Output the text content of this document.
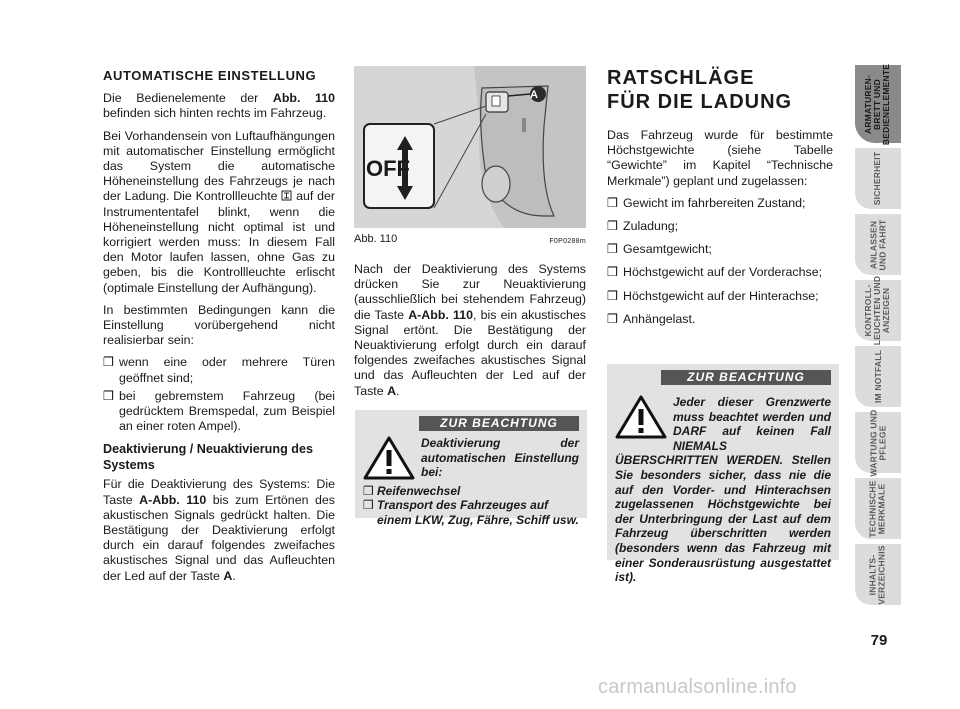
AUTOMATISCHE EINSTELLUNG

Die Bedienelemente der Abb. 110 befinden sich hinten rechts im Fahrzeug.

Bei Vorhandensein von Luftaufhängungen mit automatischer Einstellung ermöglicht das System die automatische Höheneinstellung des Fahrzeugs je nach der Ladung. Die Kontrollleuchte  auf der Instrumententafel blinkt, wenn die Höheneinstellung nicht optimal ist und korrigiert werden muss: In diesem Fall den Motor laufen lassen, ohne Gas zu geben, bis die Kontrollleuchte erlischt (optimale Einstellung der Aufhängung).

In bestimmten Bedingungen kann die Einstellung vorübergehend nicht realisierbar sein:

❒ wenn eine oder mehrere Türen geöffnet sind;
❒ bei gebremstem Fahrzeug (bei gedrücktem Bremspedal, zum Beispiel an einer roten Ampel).
Deaktivierung / Neuaktivierung des Systems

Für die Deaktivierung des Systems: Die Taste A-Abb. 110 bis zum Ertönen des akustischen Signals gedrückt halten. Die Bestätigung der Deaktivierung erfolgt durch ein darauf folgendes zweifaches akustisches Signal und das Aufleuchten der Led auf der Taste A.

OFF
A
Abb. 110	F0P0288m

Nach der Deaktivierung des Systems drücken Sie zur Neuaktivierung (ausschließlich bei stehendem Fahrzeug) die Taste A-Abb. 110, bis ein akustisches Signal ertönt. Die Bestätigung der Neuaktivierung erfolgt durch ein darauf folgendes zweifaches akustisches Signal und das Aufleuchten der Led auf der Taste A.

ZUR BEACHTUNG
Deaktivierung der automatischen Einstellung bei:
❒ Reifenwechsel
❒ Transport des Fahrzeuges auf einem LKW, Zug, Fähre, Schiff usw.
RATSCHLÄGE
FÜR DIE LADUNG

Das Fahrzeug wurde für bestimmte Höchstgewichte (siehe Tabelle “Gewichte” im Kapitel “Technische Merkmale”) geplant und zugelassen:

❒ Gewicht im fahrbereiten Zustand;
❒ Zuladung;
❒ Gesamtgewicht;
❒ Höchstgewicht auf der Vorderachse;
❒ Höchstgewicht auf der Hinterachse;
❒ Anhängelast.
ZUR BEACHTUNG
Jeder dieser Grenzwerte muss beachtet werden und DARF auf keinen Fall NIEMALS ÜBERSCHRITTEN WERDEN. Stellen Sie besonders sicher, dass nie die auf den Vorder- und Hinterachsen zugelassenen Höchstgewichte bei der Unterbringung der Last auf dem Fahrzeug überschritten werden (besonders wenn das Fahrzeug mit einer Sonderausrüstung ausgestattet ist).
ARMATUREN-
BRETT UND
BEDIENELEMENTE
SICHERHEIT
ANLASSEN
UND FAHRT
KONTROLL-
LEUCHTEN UND
ANZEIGEN
IM NOTFALL
WARTUNG UND
PFLEGE
TECHNISCHE
MERKMALE
INHALTS-
VERZEICHNIS
79
carmanualsonline.info
